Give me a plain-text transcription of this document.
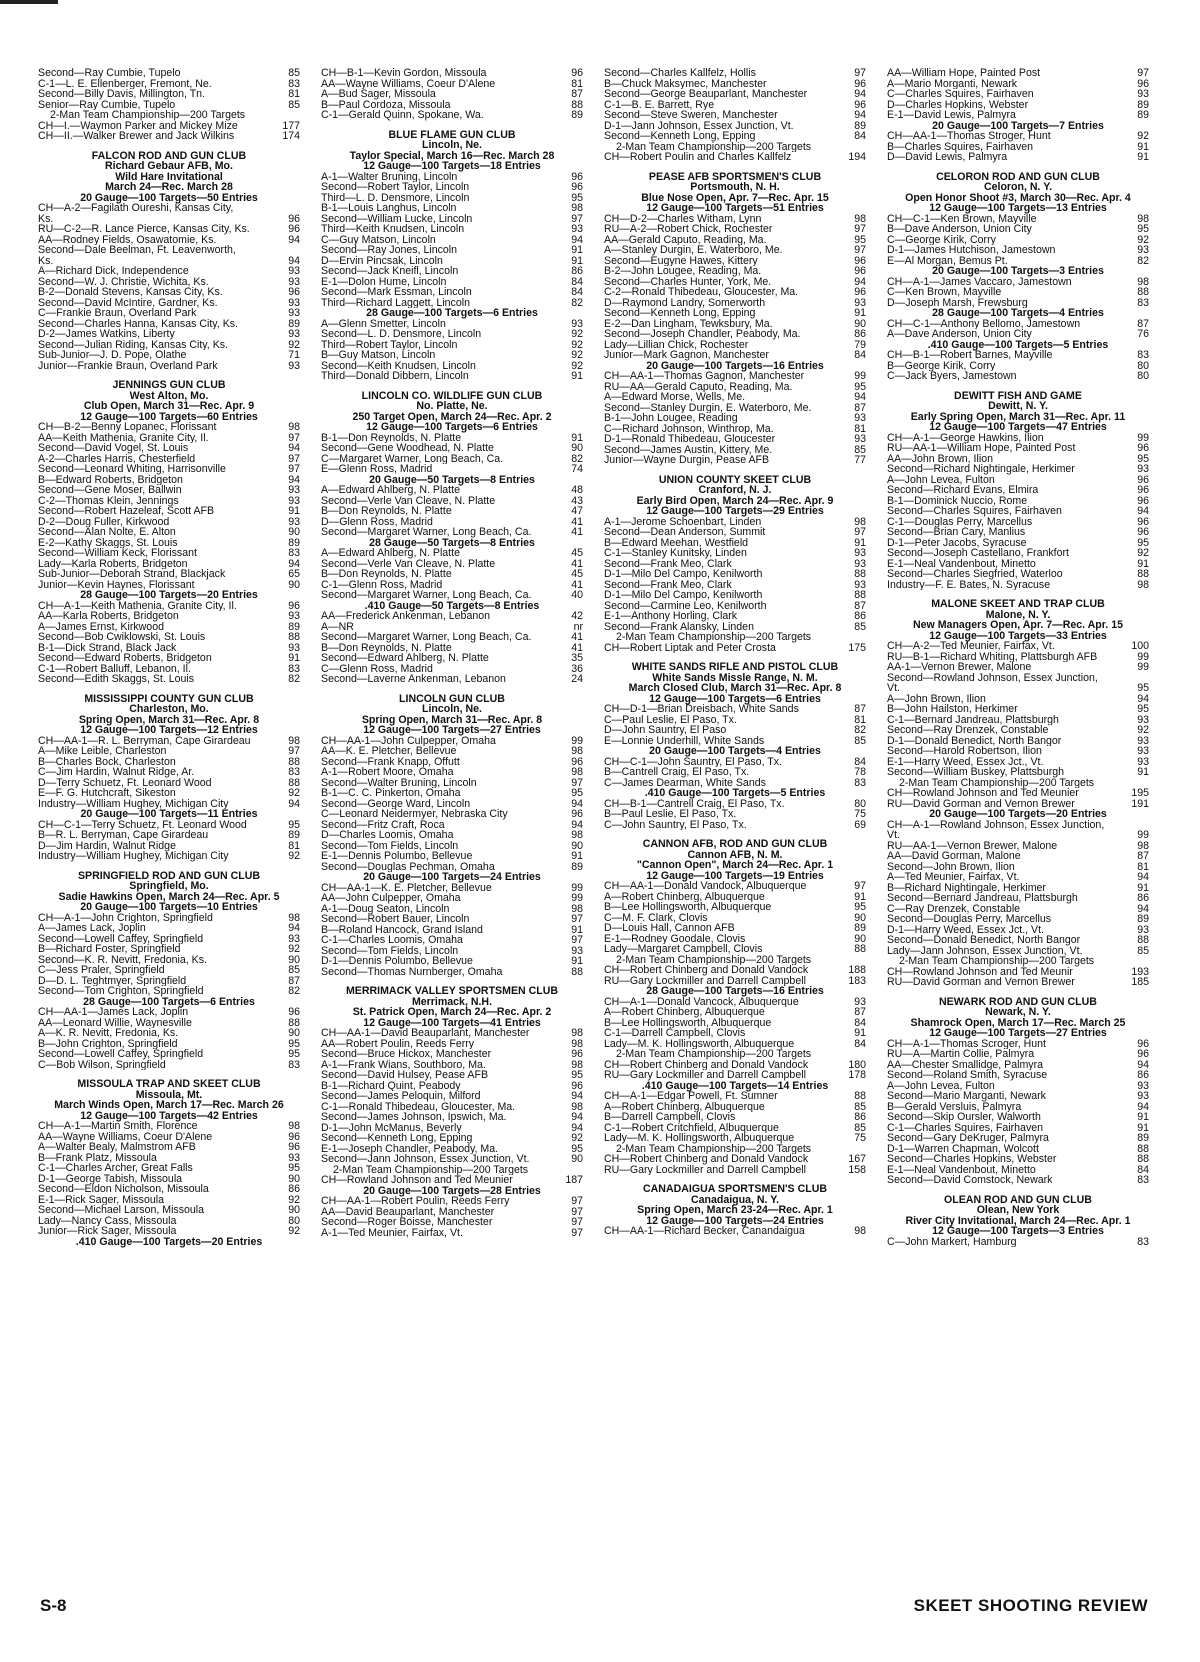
Second—Ray Cumbie, Tupelo	85
C-1—L. E. Ellenberger, Fremont, Ne.	83
Second—Billy Davis, Millington, Tn.	81
Senior—Ray Cumbie, Tupelo	85
2-Man Team Championship—200 Targets
CH—I.—Waymon Parker and Mickey Mize	177
CH—II.—Walker Brewer and Jack Wilkins	174
FALCON ROD AND GUN CLUB
Richard Gebaur AFB, Mo.
Wild Hare Invitational
March 24—Rec. March 28
20 Gauge—100 Targets—50 Entries
CH—A-2—Fagilath Oureshi, Kansas City,
Ks.	96
RU—C-2—R. Lance Pierce, Kansas City, Ks.	96
AA—Rodney Fields, Osawatomie, Ks.	94
Second—Dale Beelman, Ft. Leavenworth,
Ks.	94
A—Richard Dick, Independence	93
Second—W. J. Christie, Wichita, Ks.	93
B-2—Donald Stevens, Kansas City, Ks.	96
Second—David McIntire, Gardner, Ks.	93
C—Frankie Braun, Overland Park	93
Second—Charles Hanna, Kansas City, Ks.	89
D-2—James Watkins, Liberty	93
Second—Julian Riding, Kansas City, Ks.	92
Sub-Junior—J. D. Pope, Olathe	71
Junior—Frankie Braun, Overland Park	93
JENNINGS GUN CLUB
West Alton, Mo.
Club Open, March 31—Rec. Apr. 9
12 Gauge—100 Targets—60 Entries
CH—B-2—Benny Lopanec, Florissant	98
AA—Keith Mathenia, Granite City, Il.	97
Second—David Vogel, St. Louis	94
A-2—Charles Harris, Chesterfield	97
Second—Leonard Whiting, Harrisonville	97
B—Edward Roberts, Bridgeton	94
Second—Gene Moser, Ballwin	93
C-2—Thomas Klein, Jennings	93
Second—Robert Hazeleaf, Scott AFB	91
D-2—Doug Fuller, Kirkwood	93
Second—Alan Nolte, E. Alton	90
E-2—Kathy Skaggs, St. Louis	89
Second—William Keck, Florissant	83
Lady—Karla Roberts, Bridgeton	94
Sub-Junior—Deborah Strand, Blackjack	65
Junior—Kevin Haynes, Florissant	90
28 Gauge—100 Targets—20 Entries
CH—A-1—Keith Mathenia, Granite City, Il.	96
AA—Karla Roberts, Bridgeton	93
A—James Ernst, Kirkwood	89
Second—Bob Cwiklowski, St. Louis	88
B-1—Dick Strand, Black Jack	93
Second—Edward Roberts, Bridgeton	91
C-1—Robert Balluff, Lebanon, Il.	83
Second—Edith Skaggs, St. Louis	82
MISSISSIPPI COUNTY GUN CLUB
Charleston, Mo.
Spring Open, March 31—Rec. Apr. 8
12 Gauge—100 Targets—12 Entries
CH—AA-1—R. L. Berryman, Cape Girardeau	98
A—Mike Leible, Charleston	97
B—Charles Bock, Charleston	88
C—Jim Hardin, Walnut Ridge, Ar.	83
D—Terry Schuetz, Ft. Leonard Wood	88
E—F. G. Hutchcraft, Sikeston	92
Industry—William Hughey, Michigan City	94
20 Gauge—100 Targets—11 Entries
CH—C-1—Terry Schuetz, Ft. Leonard Wood	95
B—R. L. Berryman, Cape Girardeau	89
D—Jim Hardin, Walnut Ridge	81
Industry—William Hughey, Michigan City	92
SPRINGFIELD ROD AND GUN CLUB
Springfield, Mo.
Sadie Hawkins Open, March 24—Rec. Apr. 5
20 Gauge—100 Targets—10 Entries
CH—A-1—John Crighton, Springfield	98
A—James Lack, Joplin	94
Second—Lowell Caffey, Springfield	93
B—Richard Foster, Springfield	92
Second—K. R. Nevitt, Fredonia, Ks.	90
C—Jess Praler, Springfield	85
D—D. L. Teghtmyer, Springfield	87
Second—Tom Crighton, Springfield	82
28 Gauge—100 Targets—6 Entries
CH—AA-1—James Lack, Joplin	96
AA—Leonard Willie, Waynesville	88
A—K. R. Nevitt, Fredonia, Ks.	90
B—John Crighton, Springfield	95
Second—Lowell Caffey, Springfield	95
C—Bob Wilson, Springfield	83
MISSOULA TRAP AND SKEET CLUB
Missoula, Mt.
March Winds Open, March 17—Rec. March 26
12 Gauge—100 Targets—42 Entries
CH—A-1—Martin Smith, Florence	98
AA—Wayne Williams, Coeur D'Alene	96
A—Walter Bealy, Malmstrom AFB	96
B—Frank Platz, Missoula	93
C-1—Charles Archer, Great Falls	95
D-1—George Tabish, Missoula	90
Second—Eldon Nicholson, Missoula	86
E-1—Rick Sager, Missoula	92
Second—Michael Larson, Missoula	90
Lady—Nancy Cass, Missoula	80
Junior—Rick Sager, Missoula	92
.410 Gauge—100 Targets—20 Entries
CH—B-1—Kevin Gordon, Missoula	96
AA—Wayne Williams, Coeur D'Alene	81
A—Bud Sager, Missoula	87
B—Paul Cordoza, Missoula	88
C-1—Gerald Quinn, Spokane, Wa.	89
BLUE FLAME GUN CLUB
Lincoln, Ne.
Taylor Special, March 16—Rec. March 28
12 Gauge—100 Targets—18 Entries
A-1—Walter Bruning, Lincoln	96
Second—Robert Taylor, Lincoln	96
Third—L. D. Densmore, Lincoln	95
B-1—Louis Langhus, Lincoln	98
Second—William Lucke, Lincoln	97
Third—Keith Knudsen, Lincoln	93
C—Guy Matson, Lincoln	94
Second—Ray Jones, Lincoln	91
D—Ervin Pincsak, Lincoln	91
Second—Jack Kneifl, Lincoln	86
E-1—Dolon Hume, Lincoln	84
Second—Mark Essman, Lincoln	84
Third—Richard Laggett, Lincoln	82
28 Gauge—100 Targets—6 Entries
A—Glenn Smetter, Lincoln	93
Second—L. D. Densmore, Lincoln	92
Third—Robert Taylor, Lincoln	92
B—Guy Matson, Lincoln	92
Second—Keith Knudsen, Lincoln	92
Third—Donald Dibbern, Lincoln	91
LINCOLN CO. WILDLIFE GUN CLUB
No. Platte, Ne.
250 Target Open, March 24—Rec. Apr. 2
12 Gauge—100 Targets—6 Entries
B-1—Don Reynolds, N. Platte	91
Second—Gene Woodhead, N. Platte	90
C—Margaret Warner, Long Beach, Ca.	82
E—Glenn Ross, Madrid	74
20 Gauge—50 Targets—8 Entries
A—Edward Ahlberg, N. Platte	48
Second—Verle Van Cleave, N. Platte	43
B—Don Reynolds, N. Platte	47
D—Glenn Ross, Madrid	41
Second—Margaret Warner, Long Beach, Ca.	41
28 Gauge—50 Targets—8 Entries
A—Edward Ahlberg, N. Platte	45
Second—Verle Van Cleave, N. Platte	41
B—Don Reynolds, N. Platte	45
C-1—Glenn Ross, Madrid	41
Second—Margaret Warner, Long Beach, Ca.	40
.410 Gauge—50 Targets—8 Entries
AA—Frederick Ankenman, Lebanon	42
A—NR	nr
Second—Margaret Warner, Long Beach, Ca.	41
B—Don Reynolds, N. Platte	41
Second—Edward Ahlberg, N. Platte	35
C—Glenn Ross, Madrid	36
Second—Laverne Ankenman, Lebanon	24
LINCOLN GUN CLUB
Lincoln, Ne.
Spring Open, March 31—Rec. Apr. 8
12 Gauge—100 Targets—27 Entries
CH—AA-1—John Culpepper, Omaha	99
AA—K. E. Pletcher, Bellevue	98
Second—Frank Knapp, Offutt	96
A-1—Robert Moore, Omaha	98
Second—Walter Bruning, Lincoln	97
B-1—C. C. Pinkerton, Omaha	95
Second—George Ward, Lincoln	94
C—Leonard Neidermyer, Nebraska City	96
Second—Fritz Craft, Roca	94
D—Charles Loomis, Omaha	98
Second—Tom Fields, Lincoln	90
E-1—Dennis Polumbo, Bellevue	91
Second—Douglas Pechman, Omaha	89
20 Gauge—100 Targets—24 Entries
CH—AA-1—K. E. Pletcher, Bellevue	99
AA—John Culpepper, Omaha	99
A-1—Doug Seaton, Lincoln	98
Second—Robert Bauer, Lincoln	97
B—Roland Hancock, Grand Island	91
C-1—Charles Loomis, Omaha	97
Second—Tom Fields, Lincoln	93
D-1—Dennis Polumbo, Bellevue	91
Second—Thomas Nurnberger, Omaha	88
MERRIMACK VALLEY SPORTSMEN CLUB
Merrimack, N.H.
St. Patrick Open, March 24—Rec. Apr. 2
12 Gauge—100 Targets—41 Entries
CH—AA-1—David Beauparlant, Manchester	98
AA—Robert Poulin, Reeds Ferry	98
Second—Bruce Hickox, Manchester	96
A-1—Frank Wians, Southboro, Ma.	98
Second—David Hulsey, Pease AFB	95
B-1—Richard Quint, Peabody	96
Second—James Peloquin, Milford	94
C-1—Ronald Thibedeau, Gloucester, Ma.	98
Second—James Johnson, Ipswich, Ma.	94
D-1—John McManus, Beverly	94
Second—Kenneth Long, Epping	92
E-1—Joseph Chandler, Peabody, Ma.	95
Second—Jann Johnson, Essex Junction, Vt.	90
2-Man Team Championship—200 Targets
CH—Rowland Johnson and Ted Meunier	187
20 Gauge—100 Targets—28 Entries
CH—AA-1—Robert Poulin, Reeds Ferry	97
AA—David Beauparlant, Manchester	97
Second—Roger Boisse, Manchester	97
A-1—Ted Meunier, Fairfax, Vt.	97
Second—Charles Kallfelz, Hollis	97
B—Chuck Maksymec, Manchester	96
Second—George Beauparlant, Manchester	94
C-1—B. E. Barrett, Rye	96
Second—Steve Sweren, Manchester	94
D-1—Jann Johnson, Essex Junction, Vt.	89
Second—Kenneth Long, Epping	84
2-Man Team Championship—200 Targets
CH—Robert Poulin and Charles Kallfelz	194
PEASE AFB SPORTSMEN'S CLUB
Portsmouth, N. H.
Blue Nose Open, Apr. 7—Rec. Apr. 15
12 Gauge—100 Targets—51 Entries
CH—D-2—Charles Witham, Lynn	98
RU—A-2—Robert Chick, Rochester	97
AA—Gerald Caputo, Reading, Ma.	95
A—Stanley Durgin, E. Waterboro, Me.	97
Second—Eugyne Hawes, Kittery	96
B-2—John Lougee, Reading, Ma.	96
Second—Charles Hunter, York, Me.	94
C-2—Ronald Thibedeau, Gloucester, Ma.	96
D—Raymond Landry, Somerworth	93
Second—Kenneth Long, Epping	91
E-2—Dan Lingham, Tewksbury, Ma.	90
Second—Joseph Chandler, Peabody, Ma.	86
Lady—Lillian Chick, Rochester	79
Junior—Mark Gagnon, Manchester	84
20 Gauge—100 Targets—16 Entries
CH—AA-1—Thomas Gagnon, Manchester	99
RU—AA—Gerald Caputo, Reading, Ma.	95
A—Edward Morse, Wells, Me.	94
Second—Stanley Durgin, E. Waterboro, Me.	87
B-1—John Lougee, Reading	93
C—Richard Johnson, Winthrop, Ma.	81
D-1—Ronald Thibedeau, Gloucester	93
Second—James Austin, Kittery, Me.	85
Junior—Wayne Durgin, Pease AFB	77
UNION COUNTY SKEET CLUB
Cranford, N. J.
Early Bird Open, March 24—Rec. Apr. 9
12 Gauge—100 Targets—29 Entries
A-1—Jerome Schoenbart, Linden	98
Second—Dean Anderson, Summit	97
B—Edward Meehan, Westfield	91
C-1—Stanley Kunitsky, Linden	93
Second—Frank Meo, Clark	93
D-1—Milo Del Campo, Kenilworth	88
Second—Frank Meo, Clark	93
D-1—Milo Del Campo, Kenilworth	88
Second—Carmine Leo, Kenilworth	87
E-1—Anthony Horling, Clark	86
Second—Frank Alansky, Linden	85
2-Man Team Championship—200 Targets
CH—Robert Liptak and Peter Crosta	175
WHITE SANDS RIFLE AND PISTOL CLUB
White Sands Missle Range, N. M.
March Closed Club, March 31—Rec. Apr. 8
12 Gauge—100 Targets—6 Entries
CH—D-1—Brian Dreisbach, White Sands	87
C—Paul Leslie, El Paso, Tx.	81
D—John Sauntry, El Paso	82
E—Lonnie Underhill, White Sands	85
20 Gauge—100 Targets—4 Entries
CH—C-1—John Sauntry, El Paso, Tx.	84
B—Cantrell Craig, El Paso, Tx.	78
C—James Dearman, White Sands	83
.410 Gauge—100 Targets—5 Entries
CH—B-1—Cantrell Craig, El Paso, Tx.	80
B—Paul Leslie, El Paso, Tx.	75
C—John Sauntry, El Paso, Tx.	69
CANNON AFB, ROD AND GUN CLUB
Cannon AFB, N. M.
"Cannon Open", March 24—Rec. Apr. 1
12 Gauge—100 Targets—19 Entries
CH—AA-1—Donald Vandock, Albuquerque	97
A—Robert Chinberg, Albuquerque	91
B—Lee Hollingsworth, Albuquerque	95
C—M. F. Clark, Clovis	90
D—Louis Hall, Cannon AFB	89
E-1—Rodney Goodale, Clovis	90
Lady—Margaret Campbell, Clovis	88
2-Man Team Championship—200 Targets
CH—Robert Chinberg and Donald Vandock	188
RU—Gary Lockmiller and Darrell Campbell	183
28 Gauge—100 Targets—16 Entries
CH—A-1—Donald Vancock, Albuquerque	93
A—Robert Chinberg, Albuquerque	87
B—Lee Hollingsworth, Albuquerque	84
C-1—Darrell Campbell, Clovis	91
Lady—M. K. Hollingsworth, Albuquerque	84
2-Man Team Championship—200 Targets
CH—Robert Chinberg and Donald Vandock	180
RU—Gary Lockmiller and Darrell Campbell	178
.410 Gauge—100 Targets—14 Entries
CH—A-1—Edgar Powell, Ft. Sumner	88
A—Robert Chinberg, Albuquerque	85
B—Darrell Campbell, Clovis	86
C-1—Robert Critchfield, Albuquerque	85
Lady—M. K. Hollingsworth, Albuquerque	75
2-Man Team Championship—200 Targets
CH—Robert Chinberg and Donald Vandock	167
RU—Gary Lockmiller and Darrell Campbell	158
CANADAIGUA SPORTSMEN'S CLUB
Canadaigua, N. Y.
Spring Open, March 23-24—Rec. Apr. 1
12 Gauge—100 Targets—24 Entries
CH—AA-1—Richard Becker, Canandaigua	98
AA—William Hope, Painted Post	97
A—Mario Morganti, Newark	96
C—Charles Squires, Fairhaven	93
D—Charles Hopkins, Webster	89
E-1—David Lewis, Palmyra	89
20 Gauge—100 Targets—7 Entries
CH—AA-1—Thomas Stroger, Hunt	92
B—Charles Squires, Fairhaven	91
D—David Lewis, Palmyra	91
CELORON ROD AND GUN CLUB
Celoron, N. Y.
Open Honor Shoot #3, March 30—Rec. Apr. 4
12 Gauge—100 Targets—13 Entries
CH—C-1—Ken Brown, Mayville	98
B—Dave Anderson, Union City	95
C—George Kirik, Corry	92
D-1—James Hutchison, Jamestown	93
E—Al Morgan, Bemus Pt.	82
20 Gauge—100 Targets—3 Entries
CH—A-1—James Vaccaro, Jamestown	98
C—Ken Brown, Mayville	88
D—Joseph Marsh, Frewsburg	83
28 Gauge—100 Targets—4 Entries
CH—C-1—Anthony Bellomo, Jamestown	87
A—Dave Anderson, Union City	76
.410 Gauge—100 Targets—5 Entries
CH—B-1—Robert Barnes, Mayville	83
B—George Kirik, Corry	80
C—Jack Byers, Jamestown	80
DEWITT FISH AND GAME
Dewitt, N. Y.
Early Spring Open, March 31—Rec. Apr. 11
12 Gauge—100 Targets—47 Entries
CH—A-1—George Hawkins, Ilion	99
RU—AA-1—William Hope, Painted Post	96
AA—John Brown, Ilion	95
Second—Richard Nightingale, Herkimer	93
A—John Levea, Fulton	96
Second—Richard Evans, Elmira	96
B-1—Dominick Nuccio, Rome	96
Second—Charles Squires, Fairhaven	94
C-1—Douglas Perry, Marcellus	96
Second—Brian Cary, Manlius	96
D-1—Peter Jacobs, Syracuse	95
Second—Joseph Castellano, Frankfort	92
E-1—Neal Vandenbout, Minetto	91
Second—Charles Siegfried, Waterloo	88
Industry—F. E. Bates, N. Syracuse	98
MALONE SKEET AND TRAP CLUB
Malone, N. Y.
New Managers Open, Apr. 7—Rec. Apr. 15
12 Gauge—100 Targets—33 Entries
CH—A-2—Ted Meunier, Fairfax, Vt.	100
RU—B-1—Richard Whiting, Plattsburgh AFB	99
AA-1—Vernon Brewer, Malone	99
Second—Rowland Johnson, Essex Junction,
Vt.	95
A—John Brown, Ilion	94
B—John Hailston, Herkimer	95
C-1—Bernard Jandreau, Plattsburgh	93
Second—Ray Drenzek, Constable	92
D-1—Donald Benedict, North Bangor	93
Second—Harold Robertson, Ilion	93
E-1—Harry Weed, Essex Jct., Vt.	93
Second—William Buskey, Plattsburgh	91
2-Man Team Championship—200 Targets
CH—Rowland Johnson and Ted Meunier	195
RU—David Gorman and Vernon Brewer	191
20 Gauge—100 Targets—20 Entries
CH—A-1—Rowland Johnson, Essex Junction,
Vt.	99
RU—AA-1—Vernon Brewer, Malone	98
AA—David Gorman, Malone	87
Second—John Brown, Ilion	81
A—Ted Meunier, Fairfax, Vt.	94
B—Richard Nightingale, Herkimer	91
Second—Bernard Jandreau, Plattsburgh	86
C—Ray Drenzek, Constable	94
Second—Douglas Perry, Marcellus	89
D-1—Harry Weed, Essex Jct., Vt.	93
Second—Donald Benedict, North Bangor	88
Lady—Jann Johnson, Essex Junction, Vt.	85
2-Man Team Championship—200 Targets
CH—Rowland Johnson and Ted Meunir	193
RU—David Gorman and Vernon Brewer	185
NEWARK ROD AND GUN CLUB
Newark, N. Y.
Shamrock Open, March 17—Rec. March 25
12 Gauge—100 Targets—27 Entries
CH—A-1—Thomas Scroger, Hunt	96
RU—A—Martin Collie, Palmyra	96
AA—Chester Smallidge, Palmyra	94
Second—Roland Smith, Syracuse	86
A—John Levea, Fulton	93
Second—Mario Marganti, Newark	93
B—Gerald Versluis, Palmyra	94
Second—Skip Oursler, Walworth	91
C-1—Charles Squires, Fairhaven	91
Second—Gary DeKruger, Palmyra	89
D-1—Warren Chapman, Wolcott	88
Second—Charles Hopkins, Webster	88
E-1—Neal Vandenbout, Minetto	84
Second—David Comstock, Newark	83
OLEAN ROD AND GUN CLUB
Olean, New York
River City Invitational, March 24—Rec. Apr. 1
12 Gauge—100 Targets—3 Entries
C—John Markert, Hamburg	83
S-8	SKEET SHOOTING REVIEW
